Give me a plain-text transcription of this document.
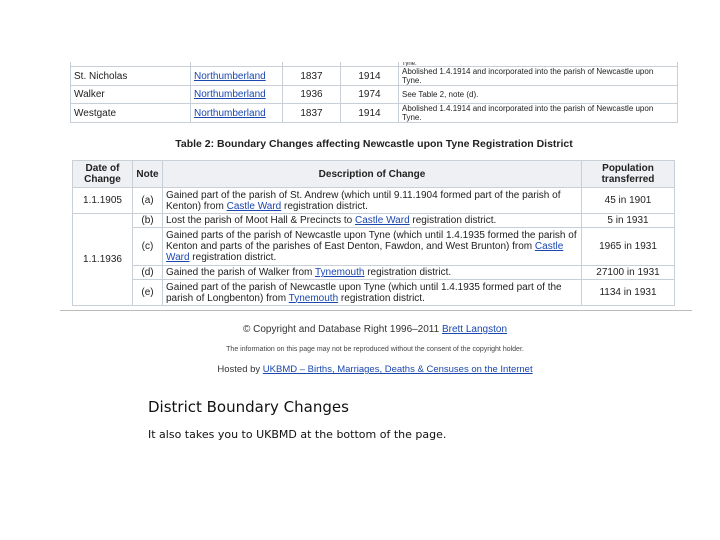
				Tyne.
St. Nicholas	Northumberland	1837	1914	Abolished 1.4.1914 and incorporated into the parish of Newcastle upon Tyne.
Walker	Northumberland	1936	1974	See Table 2, note (d).
Westgate	Northumberland	1837	1914	Abolished 1.4.1914 and incorporated into the parish of Newcastle upon Tyne.
Table 2: Boundary Changes affecting Newcastle upon Tyne Registration District
Date of Change	Note	Description of Change	Population transferred
1.1.1905	(a)	Gained part of the parish of St. Andrew (which until 9.11.1904 formed part of the parish of Kenton) from Castle Ward registration district.	45 in 1901
1.1.1936	(b)	Lost the parish of Moot Hall & Precincts to Castle Ward registration district.	5 in 1931
	(c)	Gained parts of the parish of Newcastle upon Tyne (which until 1.4.1935 formed the parish of Kenton and parts of the parishes of East Denton, Fawdon, and West Brunton) from Castle Ward registration district.	1965 in 1931
	(d)	Gained the parish of Walker from Tynemouth registration district.	27100 in 1931
	(e)	Gained part of the parish of Newcastle upon Tyne (which until 1.4.1935 formed part of the parish of Longbenton) from Tynemouth registration district.	1134 in 1931
© Copyright and Database Right 1996–2011 Brett Langston
The information on this page may not be reproduced without the consent of the copyright holder.
Hosted by UKBMD – Births, Marriages, Deaths & Censuses on the Internet
District Boundary Changes
It also takes you to UKBMD at the bottom of the page.
